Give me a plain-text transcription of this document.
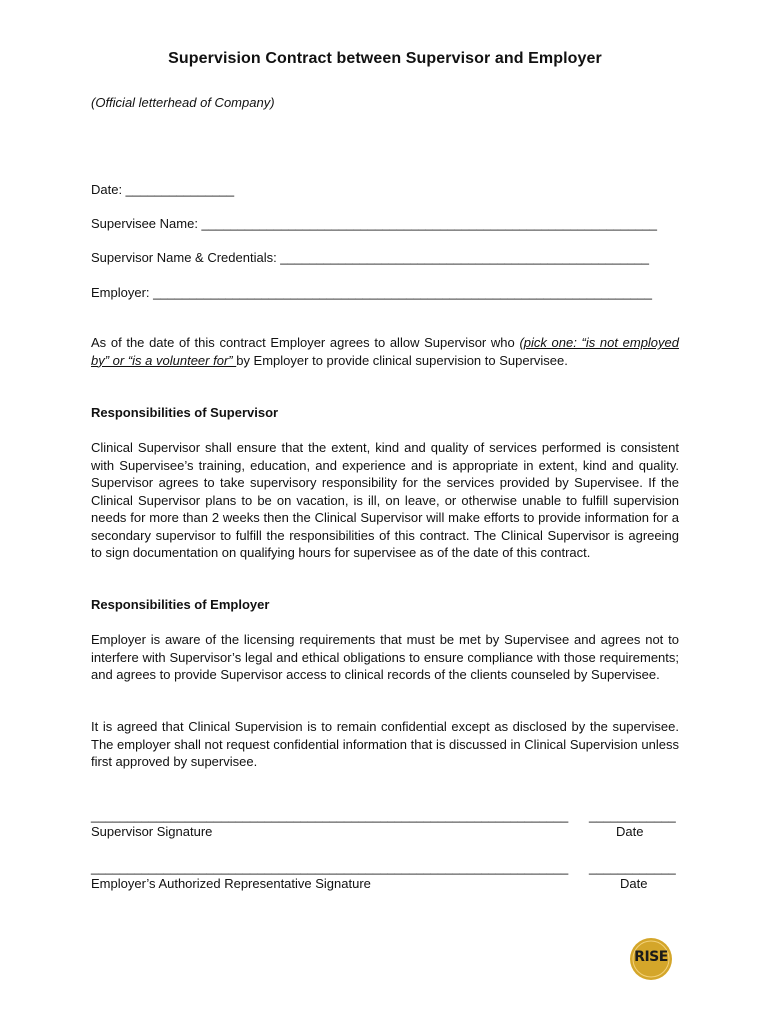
Supervision Contract between Supervisor and Employer
(Official letterhead of Company)
Date: _______________
Supervisee Name: _______________________________________________________________
Supervisor Name & Credentials: ___________________________________________________
Employer: _____________________________________________________________________

As of the date of this contract Employer agrees to allow Supervisor who (pick one: “is not employed by” or “is a volunteer for” by Employer to provide clinical supervision to Supervisee.

Responsibilities of Supervisor

Clinical Supervisor shall ensure that the extent, kind and quality of services performed is consistent with Supervisee’s training, education, and experience and is appropriate in extent, kind and quality. Supervisor agrees to take supervisory responsibility for the services provided by Supervisee. If the Clinical Supervisor plans to be on vacation, is ill, on leave, or otherwise unable to fulfill supervision needs for more than 2 weeks then the Clinical Supervisor will make efforts to provide information for a secondary supervisor to fulfill the responsibilities of this contract. The Clinical Supervisor is agreeing to sign documentation on qualifying hours for supervisee as of the date of this contract.

Responsibilities of Employer

Employer is aware of the licensing requirements that must be met by Supervisee and agrees not to interfere with Supervisor’s legal and ethical obligations to ensure compliance with those requirements; and agrees to provide Supervisor access to clinical records of the clients counseled by Supervisee.

It is agreed that Clinical Supervision is to remain confidential except as disclosed by the supervisee. The employer shall not request confidential information that is discussed in Clinical Supervision unless first approved by supervisee.

__________________________________________________________________ ____________
Supervisor Signature	Date
__________________________________________________________________ ____________
Employer’s Authorized Representative Signature	Date
RISE
